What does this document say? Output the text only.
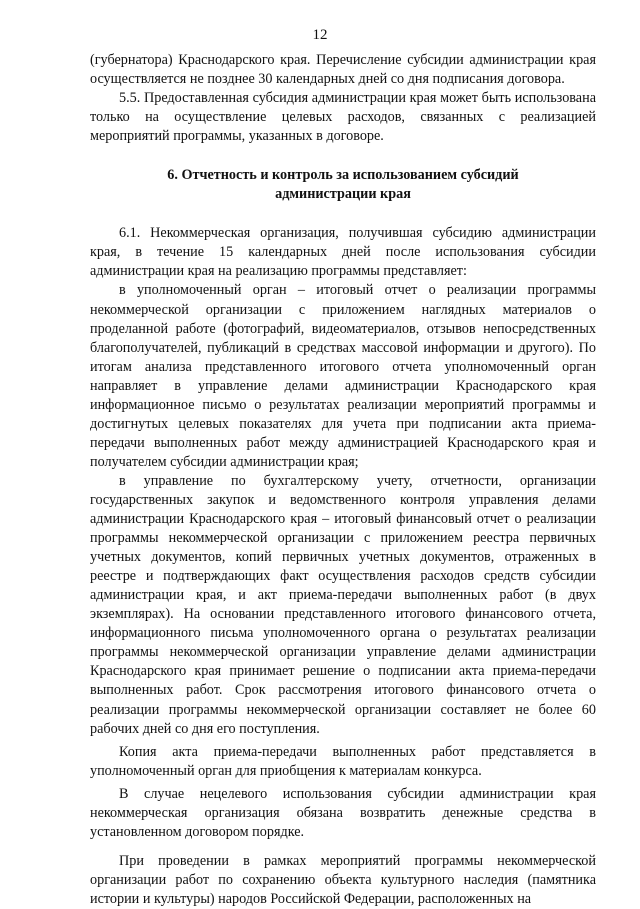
12

(губернатора) Краснодарского края. Перечисление субсидии администрации края осуществляется не позднее 30 календарных дней со дня подписания договора.

5.5. Предоставленная субсидия администрации края может быть использована только на осуществление целевых расходов, связанных с реализацией мероприятий программы, указанных в договоре.

6. Отчетность и контроль за использованием субсидий администрации края

6.1. Некоммерческая организация, получившая субсидию администрации края, в течение 15 календарных дней после использования субсидии администрации края на реализацию программы представляет:

в уполномоченный орган – итоговый отчет о реализации программы некоммерческой организации с приложением наглядных материалов о проделанной работе (фотографий, видеоматериалов, отзывов непосредственных благополучателей, публикаций в средствах массовой информации и другого). По итогам анализа представленного итогового отчета уполномоченный орган направляет в управление делами администрации Краснодарского края информационное письмо о результатах реализации мероприятий программы и достигнутых целевых показателях для учета при подписании акта приема-передачи выполненных работ между администрацией Краснодарского края и получателем субсидии администрации края;

в управление по бухгалтерскому учету, отчетности, организации государственных закупок и ведомственного контроля управления делами администрации Краснодарского края – итоговый финансовый отчет о реализации программы некоммерческой организации с приложением реестра первичных учетных документов, копий первичных учетных документов, отраженных в реестре и подтверждающих факт осуществления расходов средств субсидии администрации края, и акт приема-передачи выполненных работ (в двух экземплярах). На основании представленного итогового финансового отчета, информационного письма уполномоченного органа о результатах реализации программы некоммерческой организации управление делами администрации Краснодарского края принимает решение о подписании акта приема-передачи выполненных работ. Срок рассмотрения итогового финансового отчета о реализации программы некоммерческой организации составляет не более 60 рабочих дней со дня его поступления.

Копия акта приема-передачи выполненных работ представляется в уполномоченный орган для приобщения к материалам конкурса.

В случае нецелевого использования субсидии администрации края некоммерческая организация обязана возвратить денежные средства в установленном договором порядке.

При проведении в рамках мероприятий программы некоммерческой организации работ по сохранению объекта культурного наследия (памятника истории и культуры) народов Российской Федерации, расположенных на
